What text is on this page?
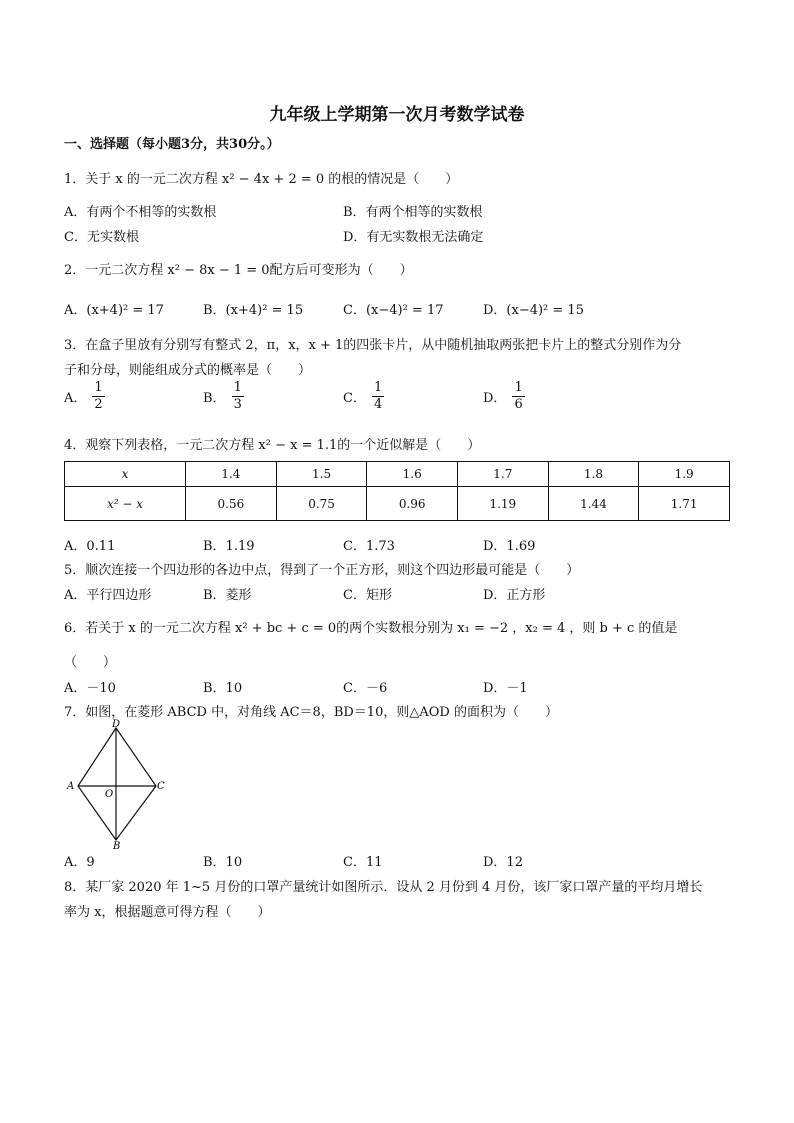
九年级上学期第一次月考数学试卷
一、选择题（每小题3分，共30分。）
1．关于 x 的一元二次方程 x² − 4x + 2 = 0 的根的情况是（　　）
A．有两个不相等的实数根	B．有两个相等的实数根
C．无实数根	D．有无实数根无法确定
2．一元二次方程 x² − 8x − 1 = 0配方后可变形为（　　）
A．(x+4)² = 17	B．(x+4)² = 15	C．(x−4)² = 17	D．(x−4)² = 15
3．在盒子里放有分别写有整式 2，π，x，x + 1的四张卡片，从中随机抽取两张把卡片上的整式分别作为分
子和分母，则能组成分式的概率是（　　）
A． $\frac{1}{2}$	B． $\frac{1}{3}$	C． $\frac{1}{4}$	D． $\frac{1}{6}$
4．观察下列表格，一元二次方程 x² − x = 1.1的一个近似解是（　　）
x	1.4	1.5	1.6	1.7	1.8	1.9
x² − x	0.56	0.75	0.96	1.19	1.44	1.71
A．0.11	B．1.19	C．1.73	D．1.69
5．顺次连接一个四边形的各边中点，得到了一个正方形，则这个四边形最可能是（　　）
A．平行四边形	B．菱形	C．矩形	D．正方形
6．若关于 x 的一元二次方程 x² + bc + c = 0的两个实数根分别为 x₁ = −2 ，x₂ = 4 ，则 b + c 的值是
（　　）
A．－10	B．10	C．－6	D．－1
7．如图，在菱形 ABCD 中，对角线 AC＝8，BD＝10，则△AOD 的面积为（　　）
D
A
O
C
B
A．9	B．10	C．11	D．12
8．某厂家 2020 年 1~5 月份的口罩产量统计如图所示．设从 2 月份到 4 月份，该厂家口罩产量的平均月增长
率为 x，根据题意可得方程（　　）
